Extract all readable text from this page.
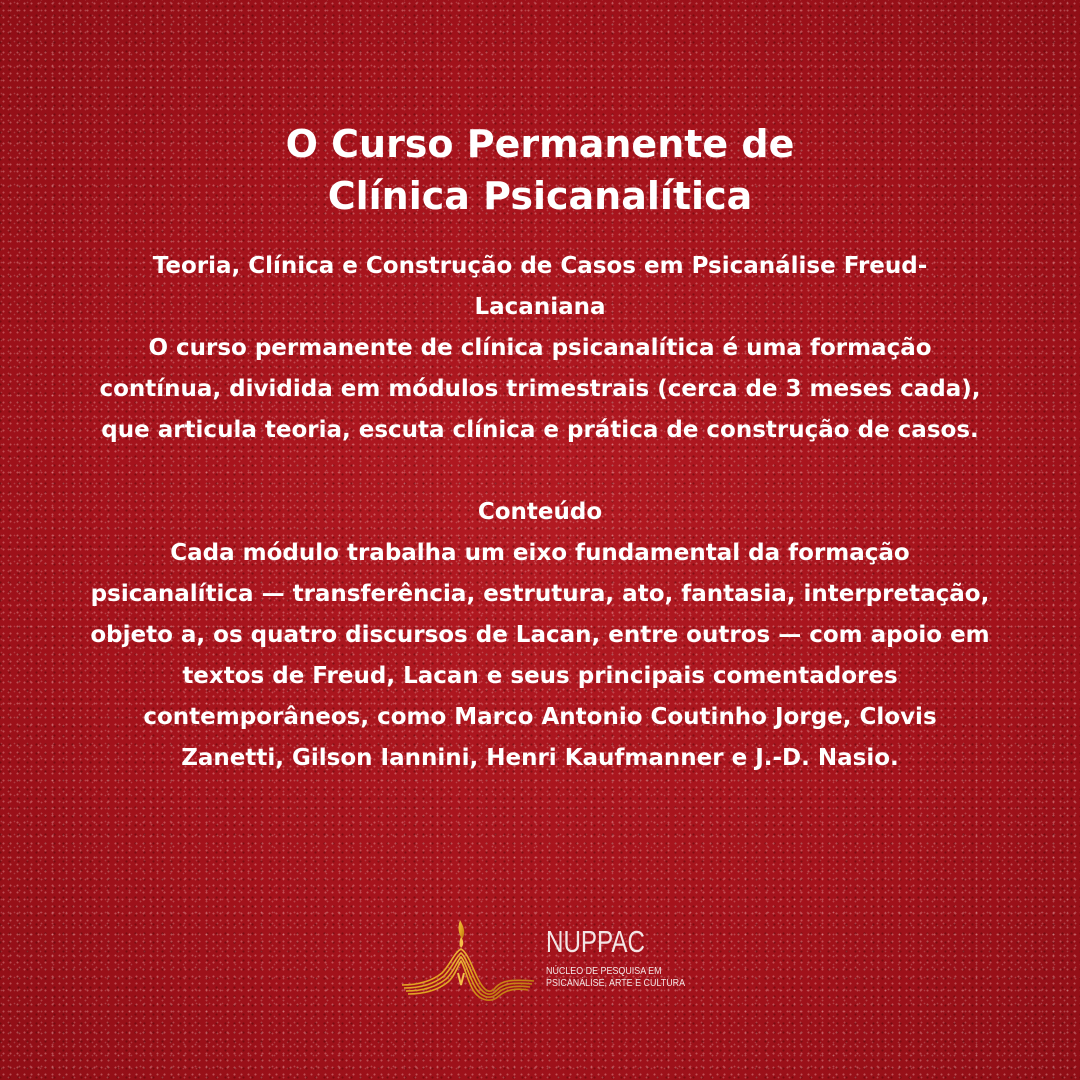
O Curso Permanente de
Clínica Psicanalítica

Teoria, Clínica e Construção de Casos em Psicanálise Freud-Lacaniana

O curso permanente de clínica psicanalítica é uma formação contínua, dividida em módulos trimestrais (cerca de 3 meses cada), que articula teoria, escuta clínica e prática de construção de casos.

Conteúdo

Cada módulo trabalha um eixo fundamental da formação psicanalítica — transferência, estrutura, ato, fantasia, interpretação, objeto a, os quatro discursos de Lacan, entre outros — com apoio em textos de Freud, Lacan e seus principais comentadores contemporâneos, como Marco Antonio Coutinho Jorge, Clovis Zanetti, Gilson Iannini, Henri Kaufmanner e J.-D. Nasio.

NUPPAC
NÚCLEO DE PESQUISA EM
PSICANÁLISE, ARTE E CULTURA
